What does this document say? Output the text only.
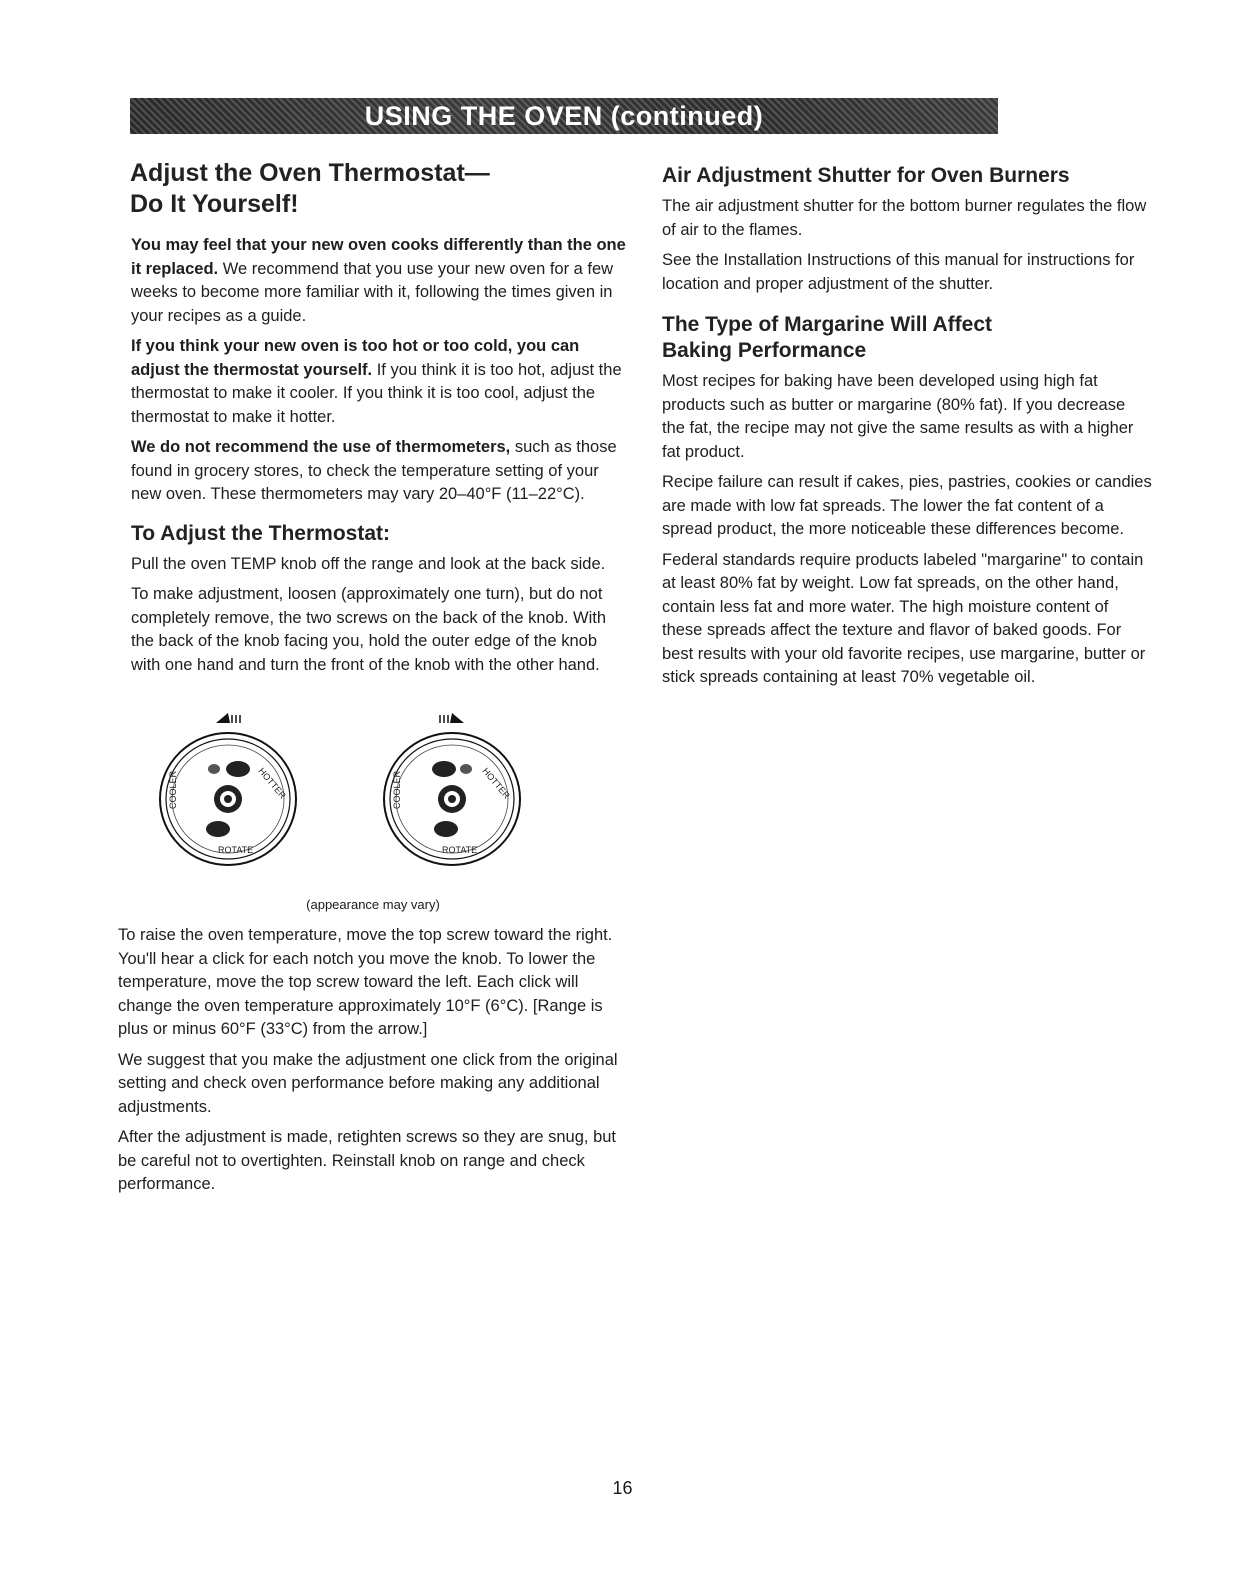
USING THE OVEN (continued)
Adjust the Oven Thermostat—
Do It Yourself!

You may feel that your new oven cooks differently than the one it replaced. We recommend that you use your new oven for a few weeks to become more familiar with it, following the times given in your recipes as a guide.

If you think your new oven is too hot or too cold, you can adjust the thermostat yourself. If you think it is too hot, adjust the thermostat to make it cooler. If you think it is too cool, adjust the thermostat to make it hotter.

We do not recommend the use of thermometers, such as those found in grocery stores, to check the temperature setting of your new oven. These thermometers may vary 20–40°F (11–22°C).

To Adjust the Thermostat:

Pull the oven TEMP knob off the range and look at the back side.

To make adjustment, loosen (approximately one turn), but do not completely remove, the two screws on the back of the knob. With the back of the knob facing you, hold the outer edge of the knob with one hand and turn the front of the knob with the other hand.

COOLER	HOTTER
ROTATE
COOLER	HOTTER
ROTATE
(appearance may vary)

To raise the oven temperature, move the top screw toward the right. You'll hear a click for each notch you move the knob. To lower the temperature, move the top screw toward the left. Each click will change the oven temperature approximately 10°F (6°C). [Range is plus or minus 60°F (33°C) from the arrow.]

We suggest that you make the adjustment one click from the original setting and check oven performance before making any additional adjustments.

After the adjustment is made, retighten screws so they are snug, but be careful not to overtighten. Reinstall knob on range and check performance.

Air Adjustment Shutter for Oven Burners

The air adjustment shutter for the bottom burner regulates the flow of air to the flames.

See the Installation Instructions of this manual for instructions for location and proper adjustment of the shutter.

The Type of Margarine Will Affect
Baking Performance

Most recipes for baking have been developed using high fat products such as butter or margarine (80% fat). If you decrease the fat, the recipe may not give the same results as with a higher fat product.

Recipe failure can result if cakes, pies, pastries, cookies or candies are made with low fat spreads. The lower the fat content of a spread product, the more noticeable these differences become.

Federal standards require products labeled "margarine" to contain at least 80% fat by weight. Low fat spreads, on the other hand, contain less fat and more water. The high moisture content of these spreads affect the texture and flavor of baked goods. For best results with your old favorite recipes, use margarine, butter or stick spreads containing at least 70% vegetable oil.

16
